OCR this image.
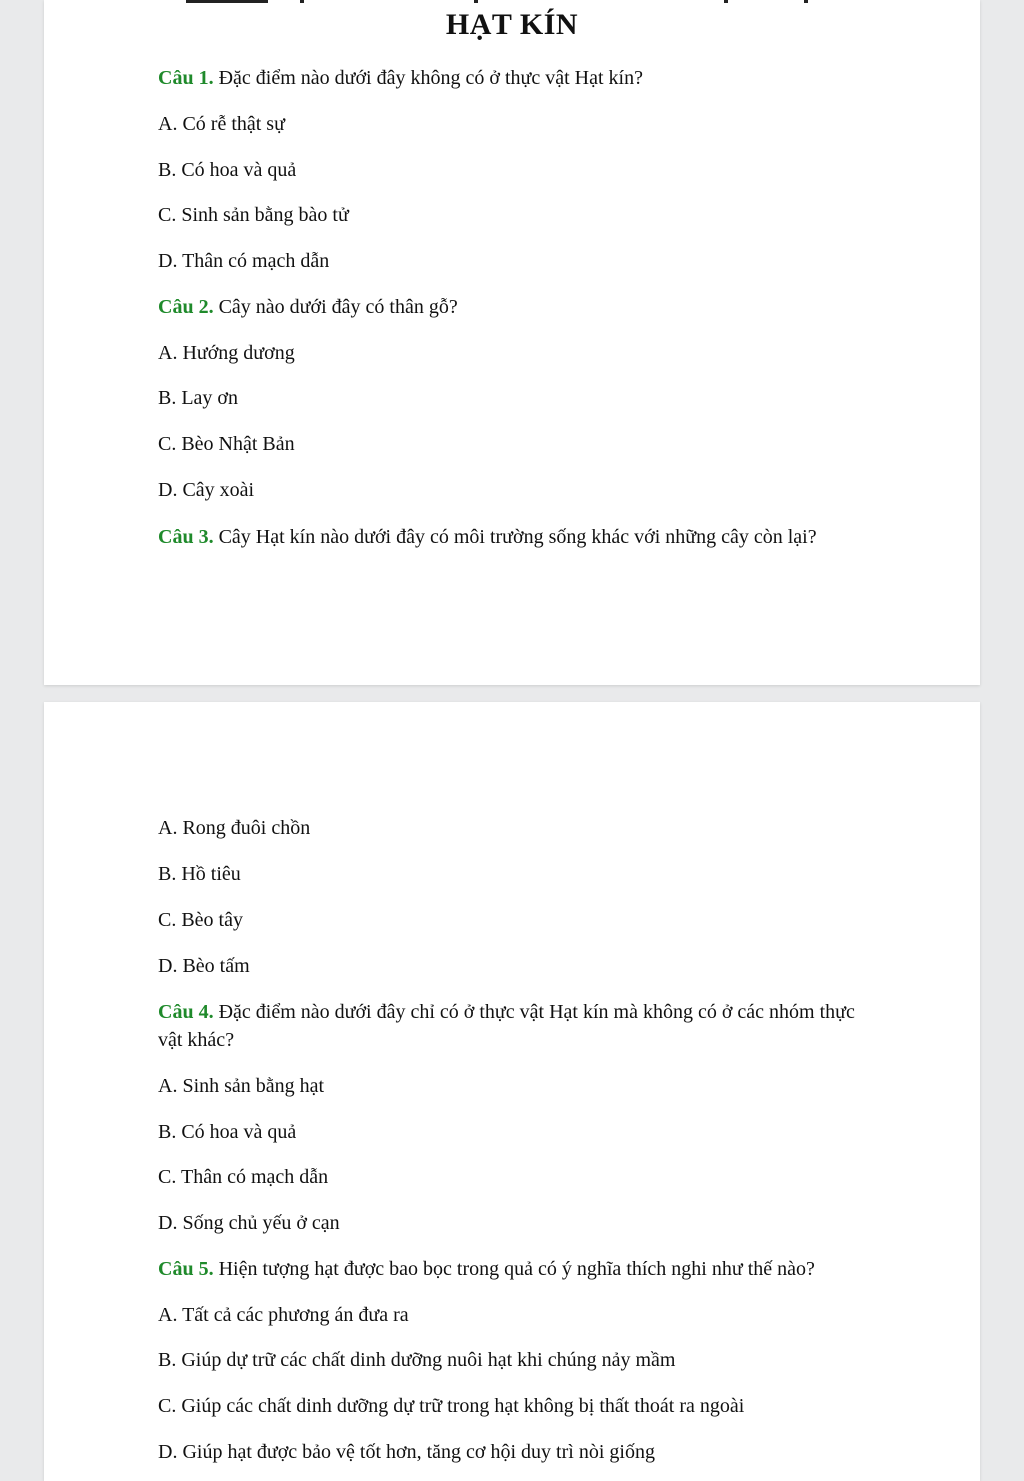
HẠT KÍN
Câu 1. Đặc điểm nào dưới đây không có ở thực vật Hạt kín?
A. Có rễ thật sự
B. Có hoa và quả
C. Sinh sản bằng bào tử
D. Thân có mạch dẫn
Câu 2. Cây nào dưới đây có thân gỗ?
A. Hướng dương
B. Lay ơn
C. Bèo Nhật Bản
D. Cây xoài
Câu 3. Cây Hạt kín nào dưới đây có môi trường sống khác với những cây còn lại?
A. Rong đuôi chồn
B. Hồ tiêu
C. Bèo tây
D. Bèo tấm
Câu 4. Đặc điểm nào dưới đây chỉ có ở thực vật Hạt kín mà không có ở các nhóm thực vật khác?
A. Sinh sản bằng hạt
B. Có hoa và quả
C. Thân có mạch dẫn
D. Sống chủ yếu ở cạn
Câu 5. Hiện tượng hạt được bao bọc trong quả có ý nghĩa thích nghi như thế nào?
A. Tất cả các phương án đưa ra
B. Giúp dự trữ các chất dinh dưỡng nuôi hạt khi chúng nảy mầm
C. Giúp các chất dinh dưỡng dự trữ trong hạt không bị thất thoát ra ngoài
D. Giúp hạt được bảo vệ tốt hơn, tăng cơ hội duy trì nòi giống
